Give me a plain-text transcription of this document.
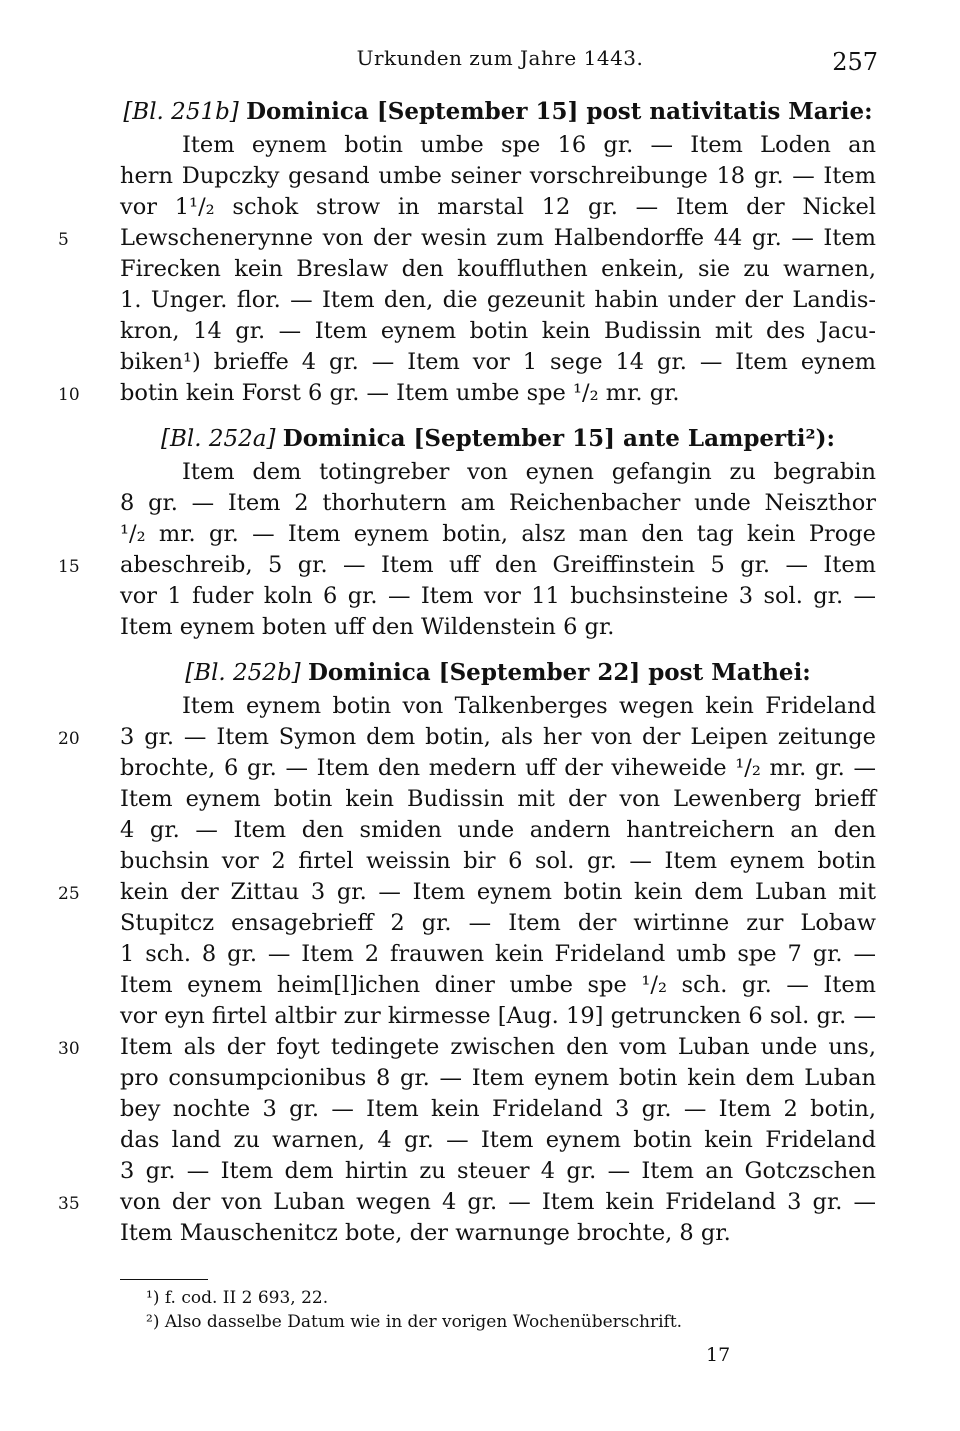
Urkunden zum Jahre 1443.	257
[Bl. 251b] Dominica [September 15] post nativitatis Marie:
Item eynem botin umbe spe 16 gr. — Item Loden an
hern Dupczky gesand umbe seiner vorschreibunge 18 gr. — Item
vor 1¹/₂ schok strow in marstal 12 gr. — Item der Nickel
5	Lewschenerynne von der wesin zum Halbendorffe 44 gr. — Item
Firecken kein Breslaw den kouffluthen enkein, sie zu warnen,
1. Unger. flor. — Item den, die gezeunit habin under der Landis-
kron, 14 gr. — Item eynem botin kein Budissin mit des Jacu-
biken¹) brieffe 4 gr. — Item vor 1 sege 14 gr. — Item eynem
10	botin kein Forst 6 gr. — Item umbe spe ¹/₂ mr. gr.
[Bl. 252a] Dominica [September 15] ante Lamperti²):
Item dem totingreber von eynen gefangin zu begrabin
8 gr. — Item 2 thorhutern am Reichenbacher unde Neiszthor
¹/₂ mr. gr. — Item eynem botin, alsz man den tag kein Proge
15	abeschreib, 5 gr. — Item uff den Greiffinstein 5 gr. — Item
vor 1 fuder koln 6 gr. — Item vor 11 buchsinsteine 3 sol. gr. —
Item eynem boten uff den Wildenstein 6 gr.
[Bl. 252b] Dominica [September 22] post Mathei:
Item eynem botin von Talkenberges wegen kein Frideland
20	3 gr. — Item Symon dem botin, als her von der Leipen zeitunge
brochte, 6 gr. — Item den medern uff der viheweide ¹/₂ mr. gr. —
Item eynem botin kein Budissin mit der von Lewenberg brieff
4 gr. — Item den smiden unde andern hantreichern an den
buchsin vor 2 firtel weissin bir 6 sol. gr. — Item eynem botin
25	kein der Zittau 3 gr. — Item eynem botin kein dem Luban mit
Stupitcz ensagebrieff 2 gr. — Item der wirtinne zur Lobaw
1 sch. 8 gr. — Item 2 frauwen kein Frideland umb spe 7 gr. —
Item eynem heim[l]ichen diner umbe spe ¹/₂ sch. gr. — Item
vor eyn firtel altbir zur kirmesse [Aug. 19] getruncken 6 sol. gr. —
30	Item als der foyt tedingete zwischen den vom Luban unde uns,
pro consumpcionibus 8 gr. — Item eynem botin kein dem Luban
bey nochte 3 gr. — Item kein Frideland 3 gr. — Item 2 botin,
das land zu warnen, 4 gr. — Item eynem botin kein Frideland
3 gr. — Item dem hirtin zu steuer 4 gr. — Item an Gotczschen
35	von der von Luban wegen 4 gr. — Item kein Frideland 3 gr. —
Item Mauschenitcz bote, der warnunge brochte, 8 gr.
¹) f. cod. II 2 693, 22.
²) Also dasselbe Datum wie in der vorigen Wochenüberschrift.
17
